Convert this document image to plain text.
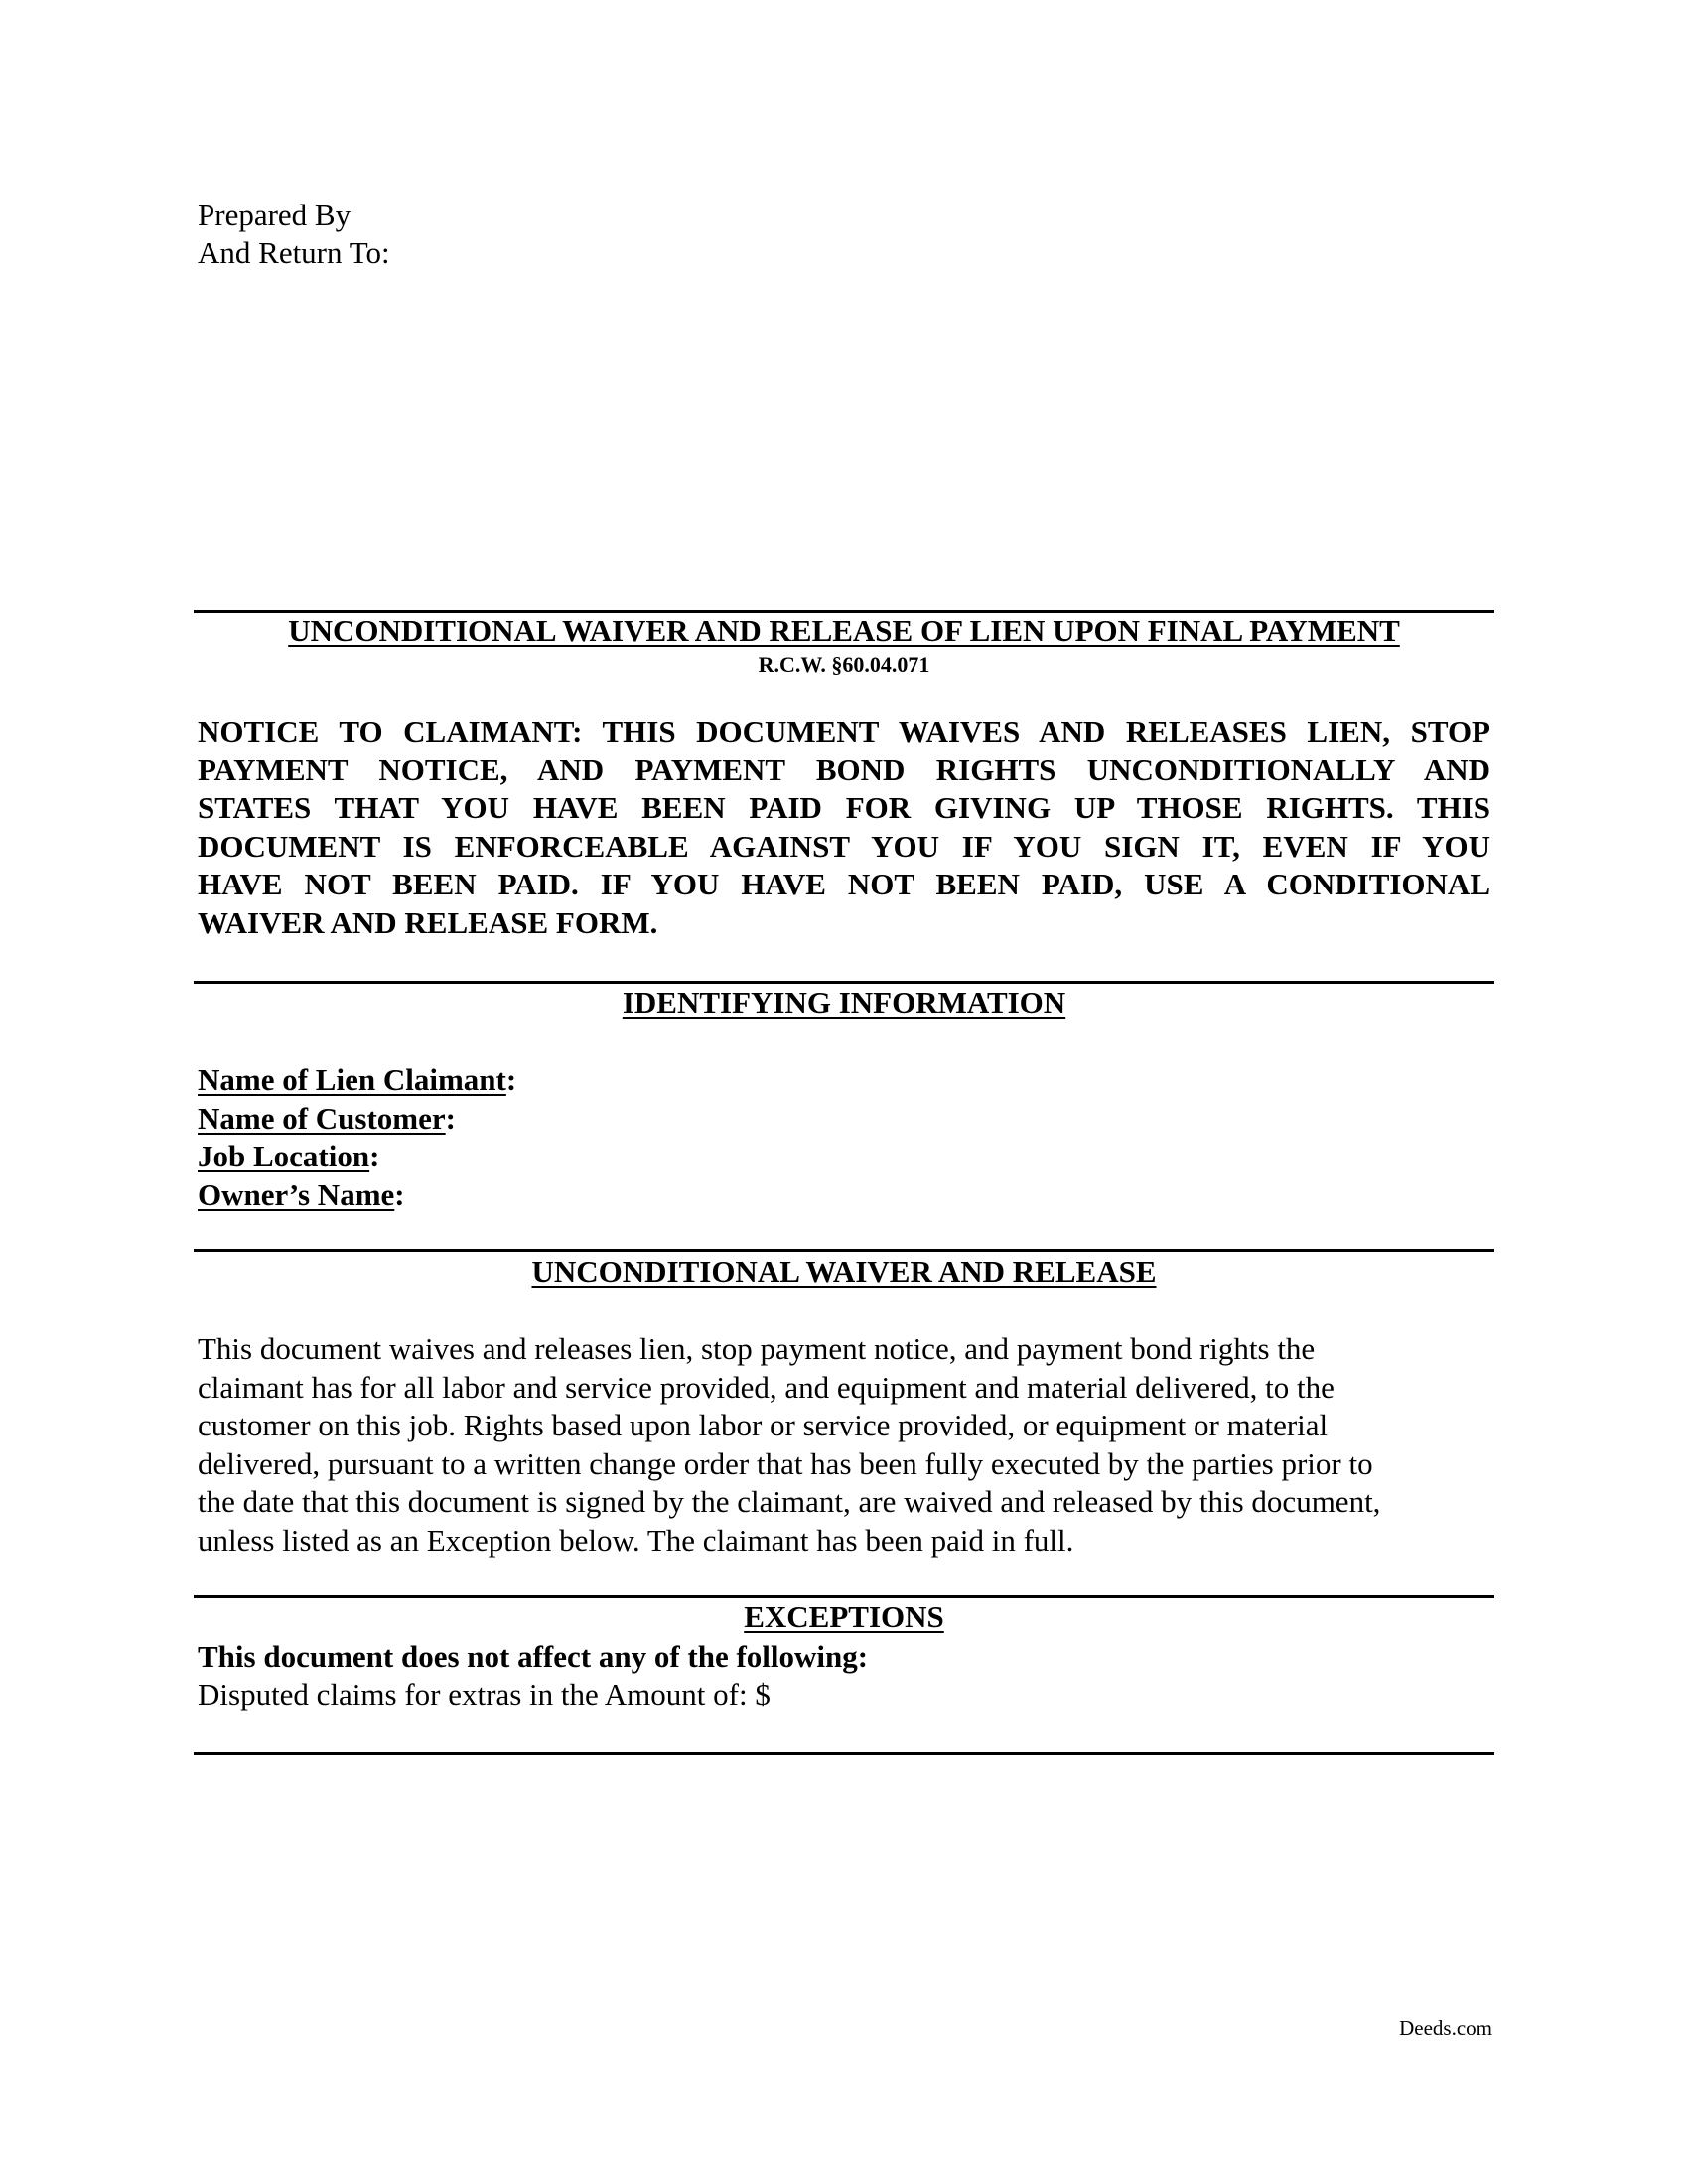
Prepared By
And Return To:
UNCONDITIONAL WAIVER AND RELEASE OF LIEN UPON FINAL PAYMENT
R.C.W. §60.04.071
NOTICE TO CLAIMANT: THIS DOCUMENT WAIVES AND RELEASES LIEN, STOP
PAYMENT NOTICE, AND PAYMENT BOND RIGHTS UNCONDITIONALLY AND
STATES THAT YOU HAVE BEEN PAID FOR GIVING UP THOSE RIGHTS. THIS
DOCUMENT IS ENFORCEABLE AGAINST YOU IF YOU SIGN IT, EVEN IF YOU
HAVE NOT BEEN PAID. IF YOU HAVE NOT BEEN PAID, USE A CONDITIONAL
WAIVER AND RELEASE FORM.
IDENTIFYING INFORMATION
Name of Lien Claimant:
Name of Customer:
Job Location:
Owner’s Name:
UNCONDITIONAL WAIVER AND RELEASE
This document waives and releases lien, stop payment notice, and payment bond rights the
claimant has for all labor and service provided, and equipment and material delivered, to the
customer on this job. Rights based upon labor or service provided, or equipment or material
delivered, pursuant to a written change order that has been fully executed by the parties prior to
the date that this document is signed by the claimant, are waived and released by this document,
unless listed as an Exception below. The claimant has been paid in full.
EXCEPTIONS
This document does not affect any of the following:
Disputed claims for extras in the Amount of: $
Deeds.com
